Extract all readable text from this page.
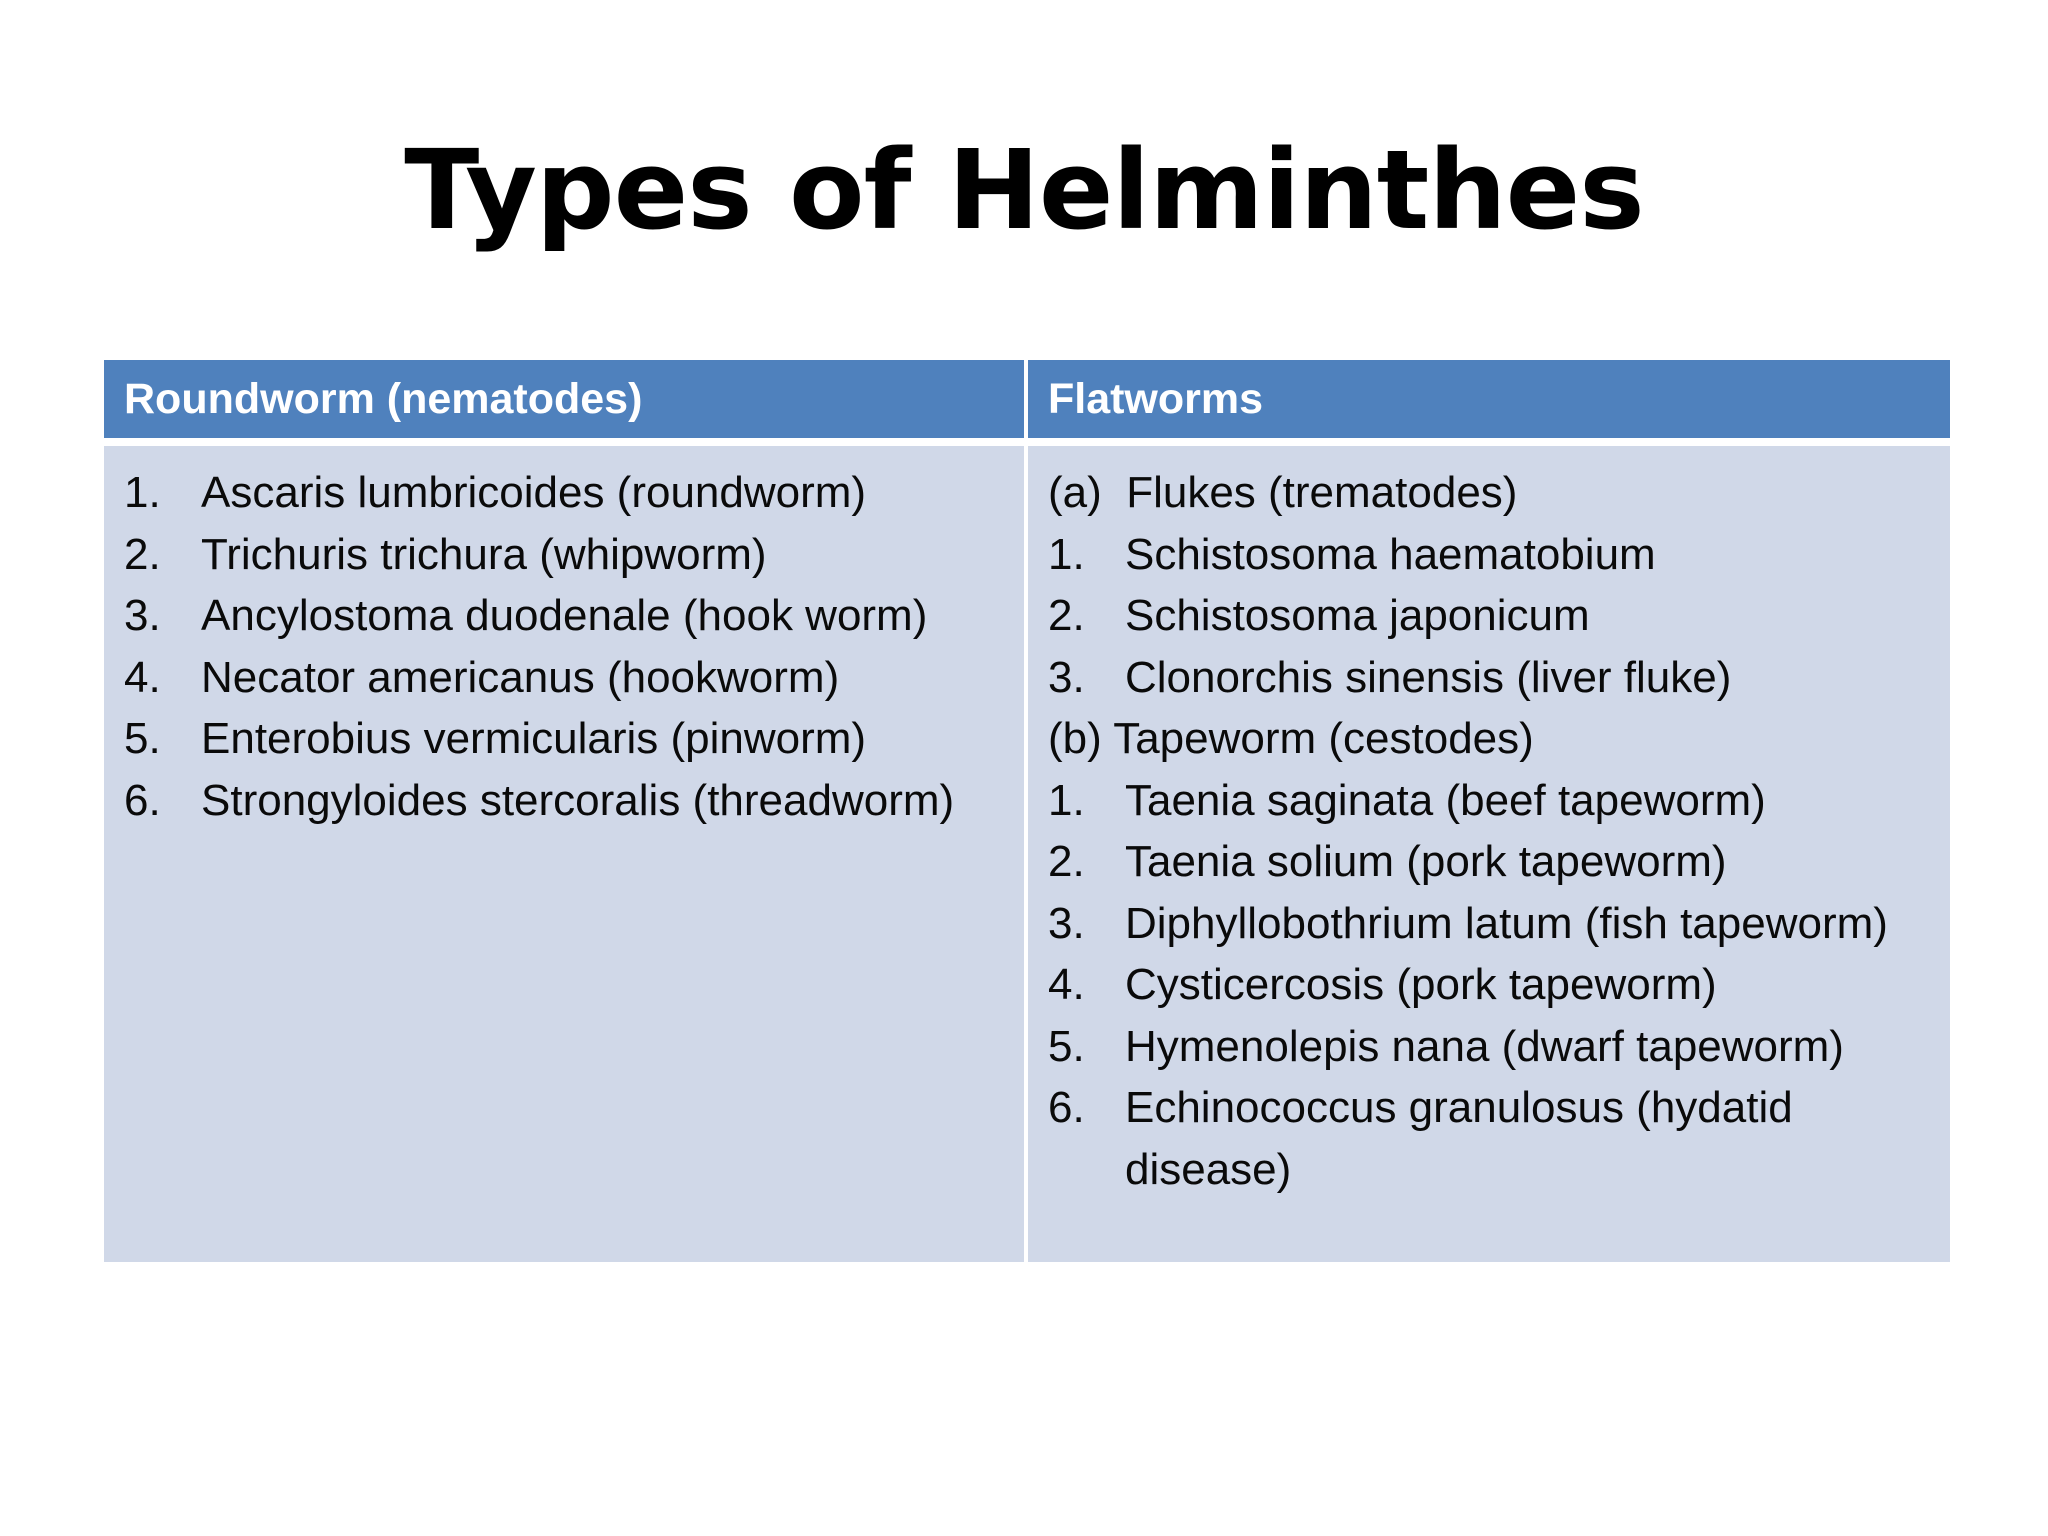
Types of Helminthes
Roundworm (nematodes)	Flatworms
1. Ascaris lumbricoides (roundworm)
2. Trichuris trichura (whipworm)
3. Ancylostoma duodenale (hook worm)
4. Necator americanus (hookworm)
5. Enterobius vermicularis (pinworm)
6. Strongyloides stercoralis (threadworm)
(a)  Flukes (trematodes)
1. Schistosoma haematobium
2. Schistosoma japonicum
3. Clonorchis sinensis (liver fluke)
(b) Tapeworm (cestodes)
1. Taenia saginata (beef tapeworm)
2. Taenia solium (pork tapeworm)
3. Diphyllobothrium latum (fish tapeworm)
4. Cysticercosis (pork tapeworm)
5. Hymenolepis nana (dwarf tapeworm)
6. Echinococcus granulosus (hydatid disease)
